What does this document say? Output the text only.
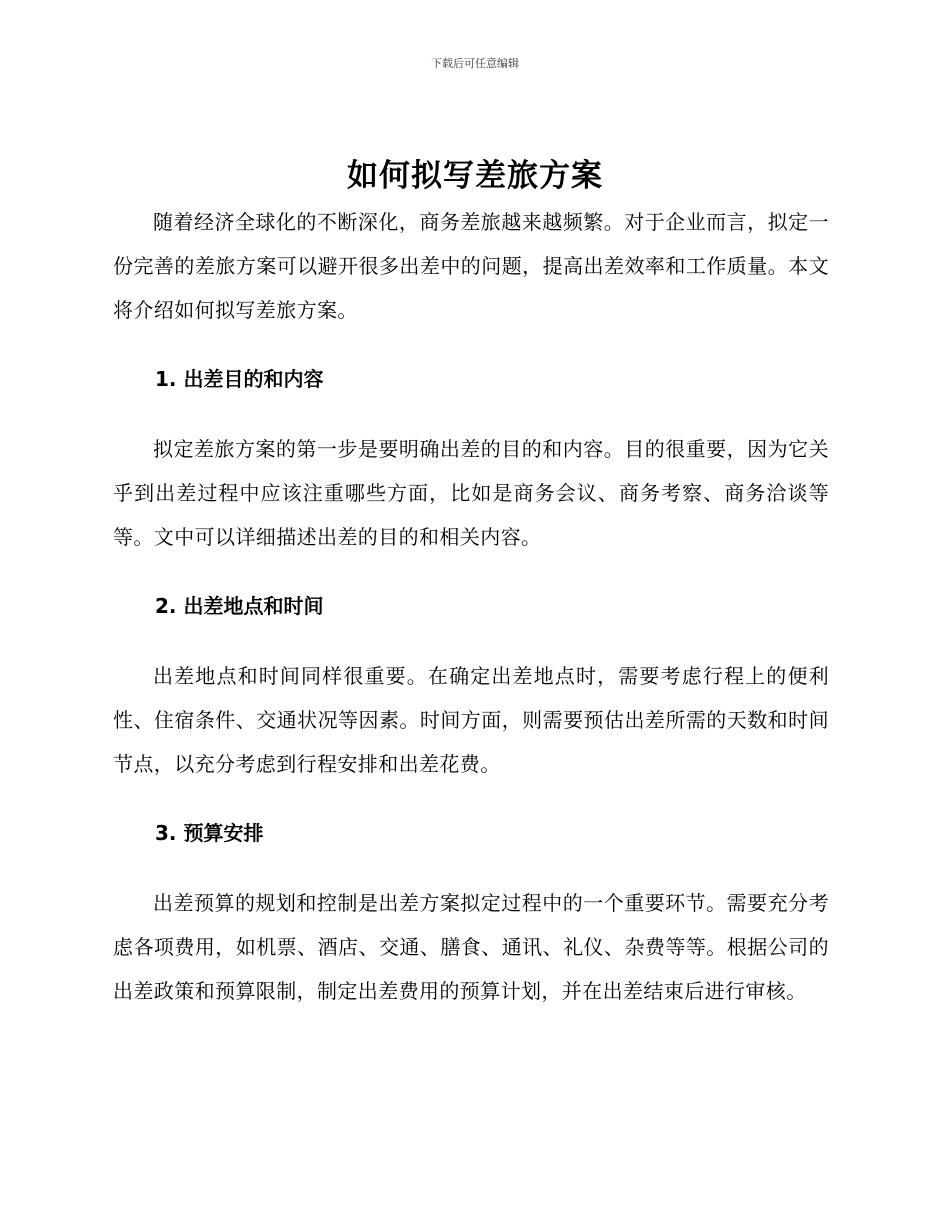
下载后可任意编辑
如何拟写差旅方案

随着经济全球化的不断深化，商务差旅越来越频繁。对于企业而言，拟定一份完善的差旅方案可以避开很多出差中的问题，提高出差效率和工作质量。本文将介绍如何拟写差旅方案。

1. 出差目的和内容

拟定差旅方案的第一步是要明确出差的目的和内容。目的很重要，因为它关乎到出差过程中应该注重哪些方面，比如是商务会议、商务考察、商务洽谈等等。文中可以详细描述出差的目的和相关内容。

2. 出差地点和时间

出差地点和时间同样很重要。在确定出差地点时，需要考虑行程上的便利性、住宿条件、交通状况等因素。时间方面，则需要预估出差所需的天数和时间节点，以充分考虑到行程安排和出差花费。

3. 预算安排

出差预算的规划和控制是出差方案拟定过程中的一个重要环节。需要充分考虑各项费用，如机票、酒店、交通、膳食、通讯、礼仪、杂费等等。根据公司的出差政策和预算限制，制定出差费用的预算计划，并在出差结束后进行审核。
